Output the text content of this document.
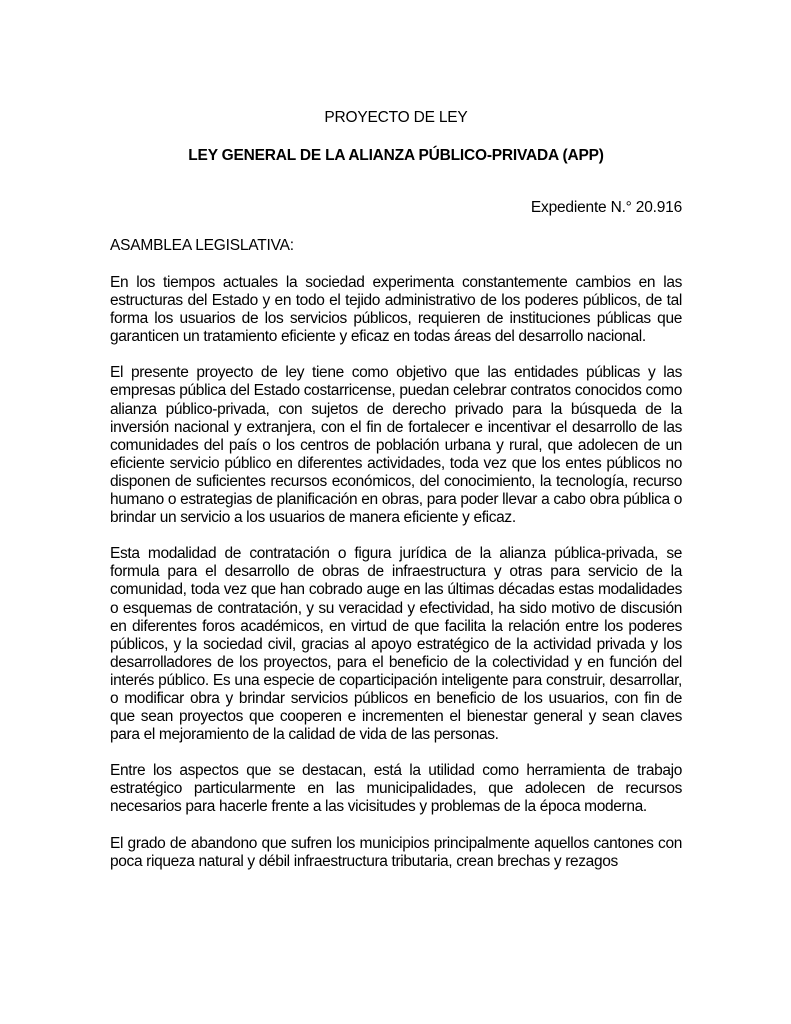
PROYECTO DE LEY
LEY GENERAL DE LA ALIANZA PÚBLICO-PRIVADA (APP)
Expediente N.° 20.916
ASAMBLEA LEGISLATIVA:

En los tiempos actuales la sociedad experimenta constantemente cambios en las estructuras del Estado y en todo el tejido administrativo de los poderes públicos, de tal forma los usuarios de los servicios públicos, requieren de instituciones públicas que garanticen un tratamiento eficiente y eficaz en todas áreas del desarrollo nacional.

El presente proyecto de ley tiene como objetivo que las entidades públicas y las empresas pública del Estado costarricense, puedan celebrar contratos conocidos como alianza público-privada, con sujetos de derecho privado para la búsqueda de la inversión nacional y extranjera, con el fin de fortalecer e incentivar el desarrollo de las comunidades del país o los centros de población urbana y rural, que adolecen de un eficiente servicio público en diferentes actividades, toda vez que los entes públicos no disponen de suficientes recursos económicos, del conocimiento, la tecnología, recurso humano o estrategias de planificación en obras, para poder llevar a cabo obra pública o brindar un servicio a los usuarios de manera eficiente y eficaz.

Esta modalidad de contratación o figura jurídica de la alianza pública-privada, se formula para el desarrollo de obras de infraestructura y otras para servicio de la comunidad, toda vez que han cobrado auge en las últimas décadas estas modalidades o esquemas de contratación, y su veracidad y efectividad, ha sido motivo de discusión en diferentes foros académicos, en virtud de que facilita la relación entre los poderes públicos, y la sociedad civil, gracias al apoyo estratégico de la actividad privada y los desarrolladores de los proyectos, para el beneficio de la colectividad y en función del interés público. Es una especie de coparticipación inteligente para construir, desarrollar, o modificar obra y brindar servicios públicos en beneficio de los usuarios, con fin de que sean proyectos que cooperen e incrementen el bienestar general y sean claves para el mejoramiento de la calidad de vida de las personas.

Entre los aspectos que se destacan, está la utilidad como herramienta de trabajo estratégico particularmente en las municipalidades, que adolecen de recursos necesarios para hacerle frente a las vicisitudes y problemas de la época moderna.

El grado de abandono que sufren los municipios principalmente aquellos cantones con poca riqueza natural y débil infraestructura tributaria, crean brechas y rezagos
